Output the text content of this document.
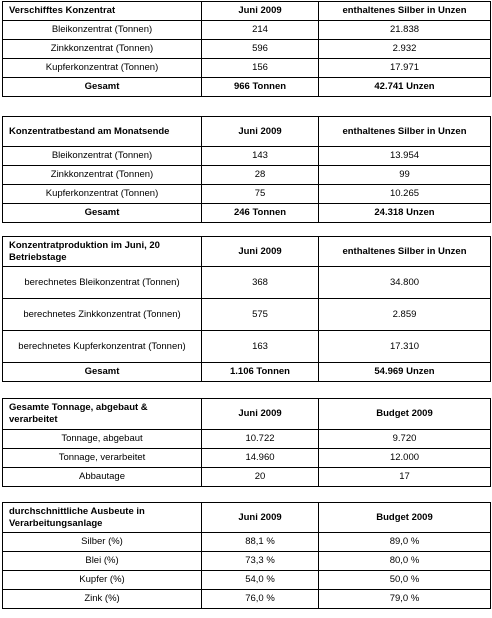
Verschifftes Konzentrat	Juni 2009	enthaltenes Silber in Unzen
Bleikonzentrat (Tonnen)	214	21.838
Zinkkonzentrat (Tonnen)	596	2.932
Kupferkonzentrat (Tonnen)	156	17.971
Gesamt	966 Tonnen	42.741 Unzen
Konzentratbestand am Monatsende	Juni 2009	enthaltenes Silber in Unzen
Bleikonzentrat (Tonnen)	143	13.954
Zinkkonzentrat (Tonnen)	28	99
Kupferkonzentrat (Tonnen)	75	10.265
Gesamt	246 Tonnen	24.318 Unzen
Konzentratproduktion im Juni, 20 Betriebstage	Juni 2009	enthaltenes Silber in Unzen
berechnetes Bleikonzentrat (Tonnen)	368	34.800
berechnetes Zinkkonzentrat (Tonnen)	575	2.859
berechnetes Kupferkonzentrat (Tonnen)	163	17.310
Gesamt	1.106 Tonnen	54.969 Unzen
Gesamte Tonnage, abgebaut & verarbeitet	Juni 2009	Budget 2009
Tonnage, abgebaut	10.722	9.720
Tonnage, verarbeitet	14.960	12.000
Abbautage	20	17
durchschnittliche Ausbeute in Verarbeitungsanlage	Juni 2009	Budget 2009
Silber (%)	88,1 %	89,0 %
Blei (%)	73,3 %	80,0 %
Kupfer (%)	54,0 %	50,0 %
Zink (%)	76,0 %	79,0 %
